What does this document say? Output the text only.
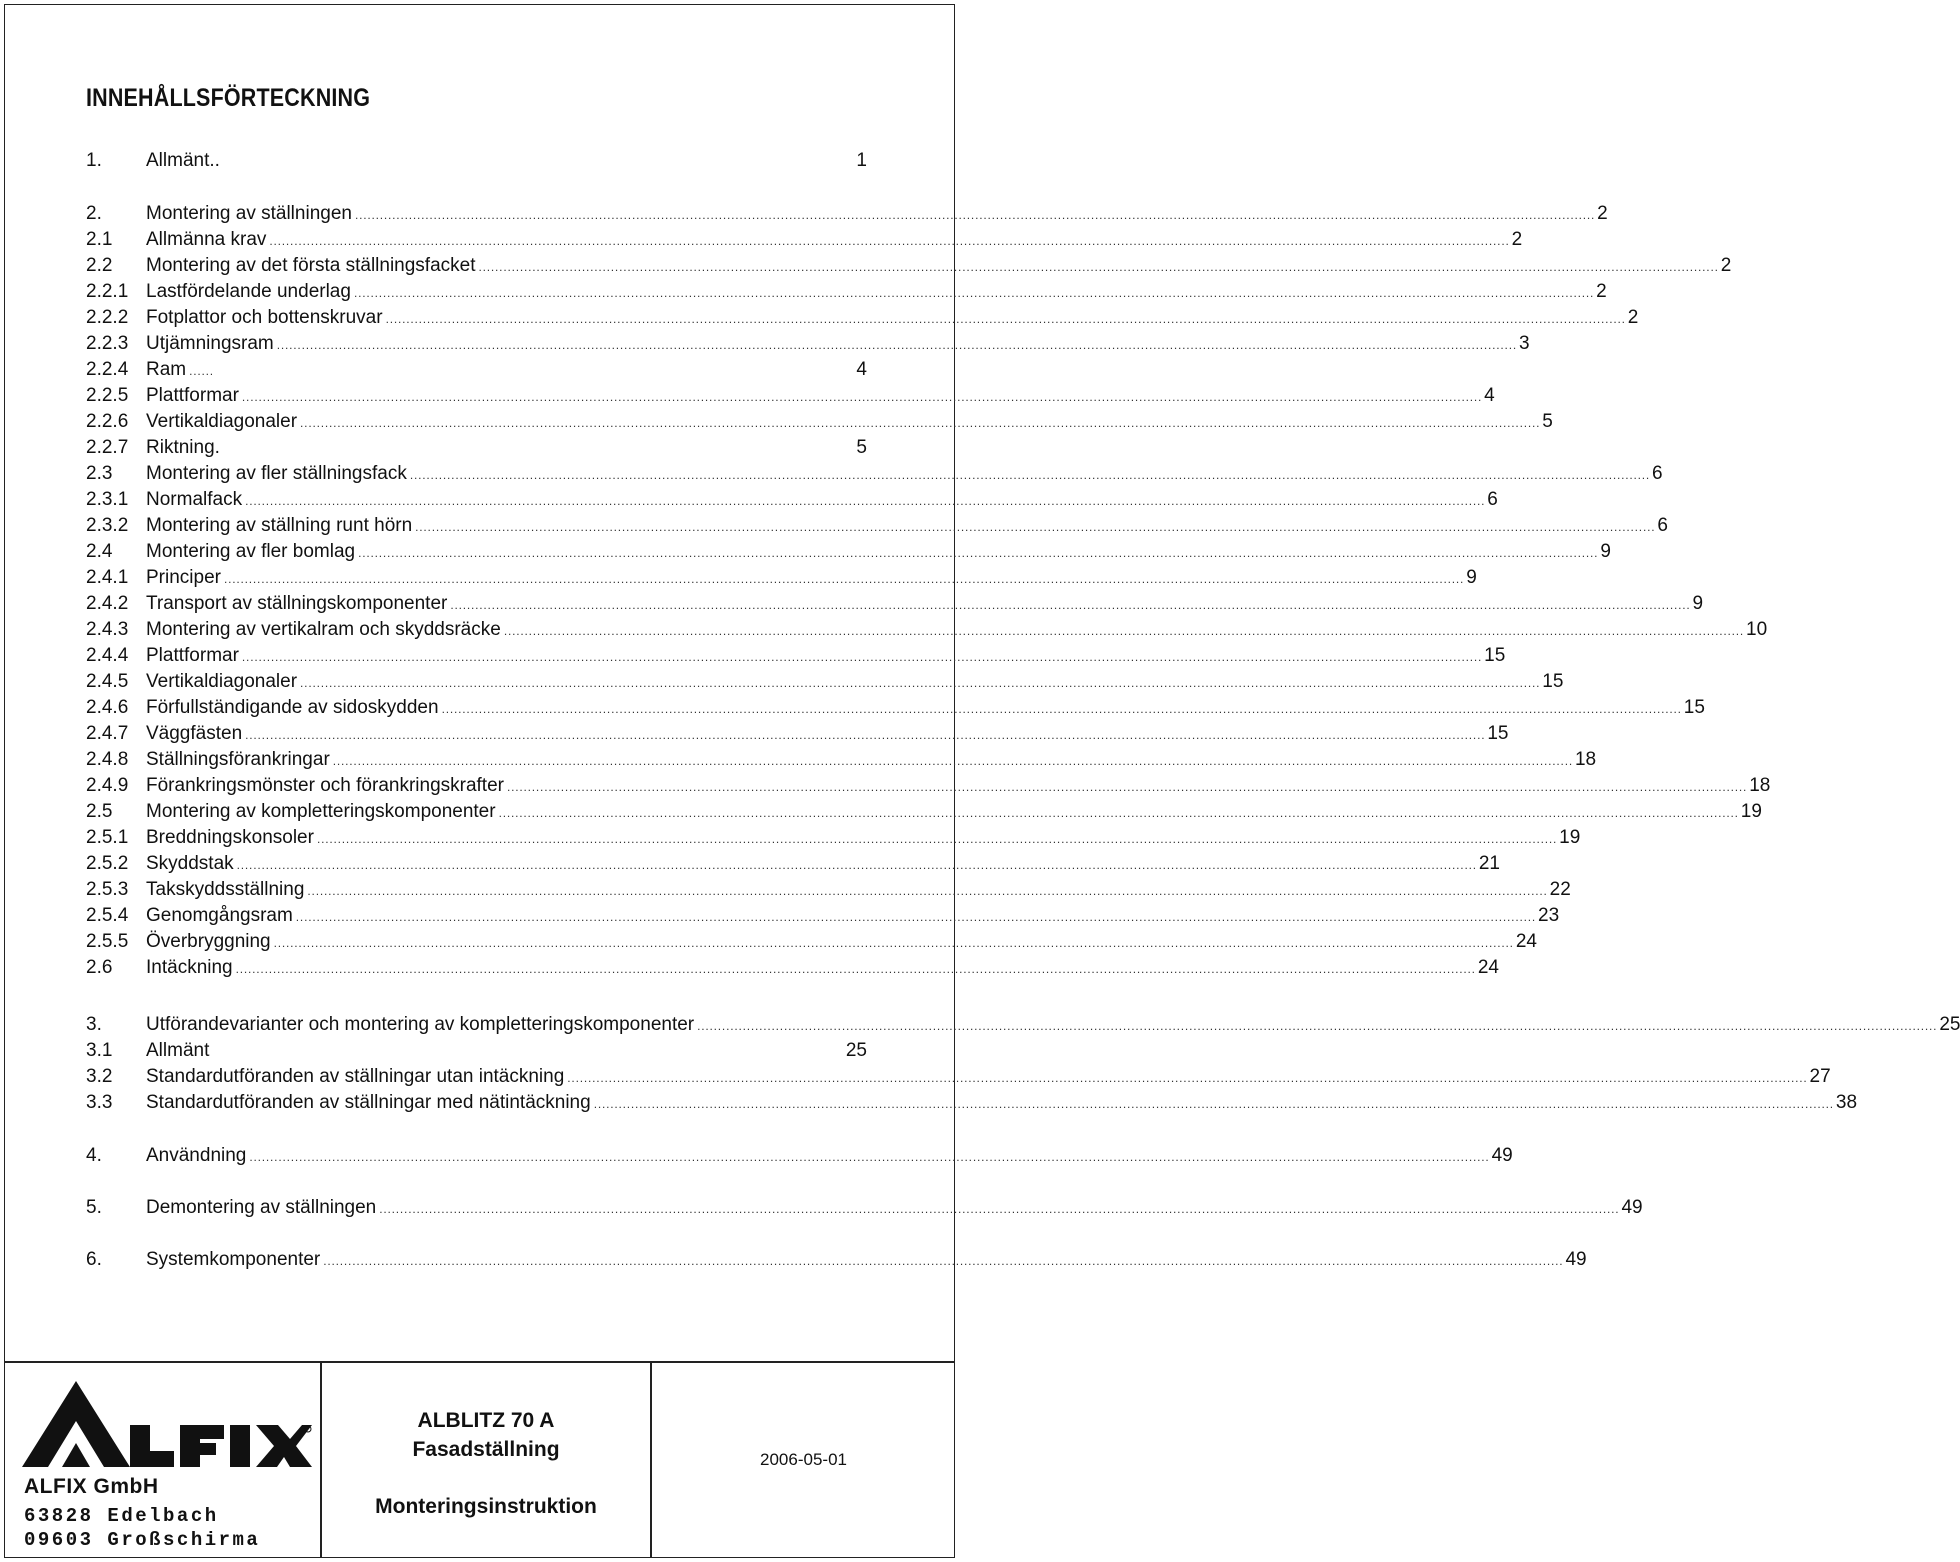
INNEHÅLLSFÖRTECKNING
1.	Allmänt..	1
2.	Montering av ställningen ............................................................................................................................................................................................................................................................................................................ 2
2.1	Allmänna krav ............................................................................................................................................................................................................................................................................................................ 2
2.2	Montering av det första ställningsfacket ............................................................................................................................................................................................................................................................................................................ 2
2.2.1 Lastfördelande underlag ............................................................................................................................................................................................................................................................................................................ 2
2.2.2 Fotplattor och bottenskruvar ............................................................................................................................................................................................................................................................................................................ 2
2.2.3 Utjämningsram ............................................................................................................................................................................................................................................................................................................ 3
2.2.4 Ram ......	4
2.2.5 Plattformar ............................................................................................................................................................................................................................................................................................................ 4
2.2.6 Vertikaldiagonaler ............................................................................................................................................................................................................................................................................................................ 5
2.2.7 Riktning.	5
2.3	Montering av fler ställningsfack ............................................................................................................................................................................................................................................................................................................ 6
2.3.1 Normalfack ............................................................................................................................................................................................................................................................................................................ 6
2.3.2 Montering av ställning runt hörn ............................................................................................................................................................................................................................................................................................................ 6
2.4	Montering av fler bomlag ............................................................................................................................................................................................................................................................................................................ 9
2.4.1 Principer ............................................................................................................................................................................................................................................................................................................ 9
2.4.2 Transport av ställningskomponenter ............................................................................................................................................................................................................................................................................................................ 9
2.4.3 Montering av vertikalram och skyddsräcke ............................................................................................................................................................................................................................................................................................................ 10
2.4.4 Plattformar ............................................................................................................................................................................................................................................................................................................ 15
2.4.5 Vertikaldiagonaler ............................................................................................................................................................................................................................................................................................................ 15
2.4.6 Förfullständigande av sidoskydden ............................................................................................................................................................................................................................................................................................................ 15
2.4.7 Väggfästen ............................................................................................................................................................................................................................................................................................................ 15
2.4.8 Ställningsförankringar ............................................................................................................................................................................................................................................................................................................ 18
2.4.9 Förankringsmönster och förankringskrafter ............................................................................................................................................................................................................................................................................................................ 18
2.5	Montering av kompletteringskomponenter ............................................................................................................................................................................................................................................................................................................ 19
2.5.1 Breddningskonsoler ............................................................................................................................................................................................................................................................................................................ 19
2.5.2 Skyddstak ............................................................................................................................................................................................................................................................................................................ 21
2.5.3 Takskyddsställning ............................................................................................................................................................................................................................................................................................................ 22
2.5.4 Genomgångsram ............................................................................................................................................................................................................................................................................................................ 23
2.5.5 Överbryggning ............................................................................................................................................................................................................................................................................................................ 24
2.6	Intäckning ............................................................................................................................................................................................................................................................................................................ 24
3.	Utförandevarianter och montering av kompletteringskomponenter ............................................................................................................................................................................................................................................................................................................ 25
3.1	Allmänt	25
3.2	Standardutföranden av ställningar utan intäckning ............................................................................................................................................................................................................................................................................................................ 27
3.3	Standardutföranden av ställningar med nätintäckning ............................................................................................................................................................................................................................................................................................................ 38
4.	Användning ............................................................................................................................................................................................................................................................................................................ 49
5.	Demontering av ställningen ............................................................................................................................................................................................................................................................................................................ 49
6.	Systemkomponenter ............................................................................................................................................................................................................................................................................................................ 49
ALFIX GmbH
63828 Edelbach
09603 Großschirma
ALBLITZ 70 A
Fasadställning
Monteringsinstruktion
2006-05-01
